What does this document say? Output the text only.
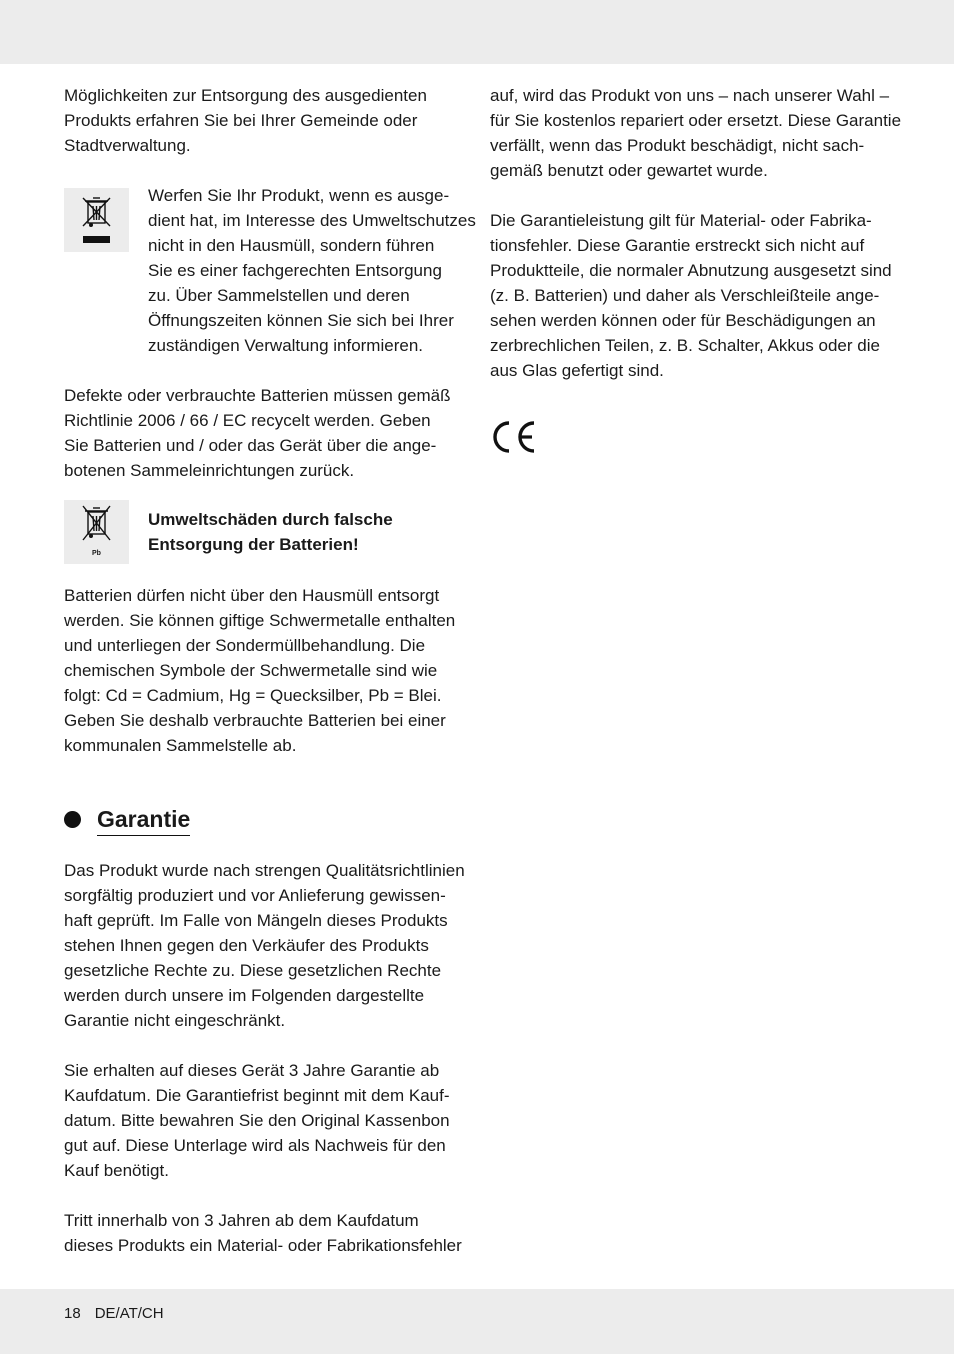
Möglichkeiten zur Entsorgung des ausgedienten
Produkts erfahren Sie bei Ihrer Gemeinde oder
Stadtverwaltung.

Werfen Sie Ihr Produkt, wenn es ausge-
dient hat, im Interesse des Umweltschutzes
nicht in den Hausmüll, sondern führen
Sie es einer fachgerechten Entsorgung
zu. Über Sammelstellen und deren
Öffnungszeiten können Sie sich bei Ihrer
zuständigen Verwaltung informieren.

Defekte oder verbrauchte Batterien müssen gemäß
Richtlinie 2006 / 66 / EC recycelt werden. Geben
Sie Batterien und / oder das Gerät über die ange-
botenen Sammeleinrichtungen zurück.

Pb

Umweltschäden durch falsche
Entsorgung der Batterien!

Batterien dürfen nicht über den Hausmüll entsorgt
werden. Sie können giftige Schwermetalle enthalten
und unterliegen der Sondermüllbehandlung. Die
chemischen Symbole der Schwermetalle sind wie
folgt: Cd = Cadmium, Hg = Quecksilber, Pb = Blei.
Geben Sie deshalb verbrauchte Batterien bei einer
kommunalen Sammelstelle ab.

Garantie

Das Produkt wurde nach strengen Qualitätsrichtlinien
sorgfältig produziert und vor Anlieferung gewissen-
haft geprüft. Im Falle von Mängeln dieses Produkts
stehen Ihnen gegen den Verkäufer des Produkts
gesetzliche Rechte zu. Diese gesetzlichen Rechte
werden durch unsere im Folgenden dargestellte
Garantie nicht eingeschränkt.

Sie erhalten auf dieses Gerät 3 Jahre Garantie ab
Kaufdatum. Die Garantiefrist beginnt mit dem Kauf-
datum. Bitte bewahren Sie den Original Kassenbon
gut auf. Diese Unterlage wird als Nachweis für den
Kauf benötigt.

Tritt innerhalb von 3 Jahren ab dem Kaufdatum
dieses Produkts ein Material- oder Fabrikationsfehler

auf, wird das Produkt von uns – nach unserer Wahl –
für Sie kostenlos repariert oder ersetzt. Diese Garantie
verfällt, wenn das Produkt beschädigt, nicht sach-
gemäß benutzt oder gewartet wurde.

Die Garantieleistung gilt für Material- oder Fabrika-
tionsfehler. Diese Garantie erstreckt sich nicht auf
Produktteile, die normaler Abnutzung ausgesetzt sind
(z. B. Batterien) und daher als Verschleißteile ange-
sehen werden können oder für Beschädigungen an
zerbrechlichen Teilen, z. B. Schalter, Akkus oder die
aus Glas gefertigt sind.

18 DE/AT/CH
